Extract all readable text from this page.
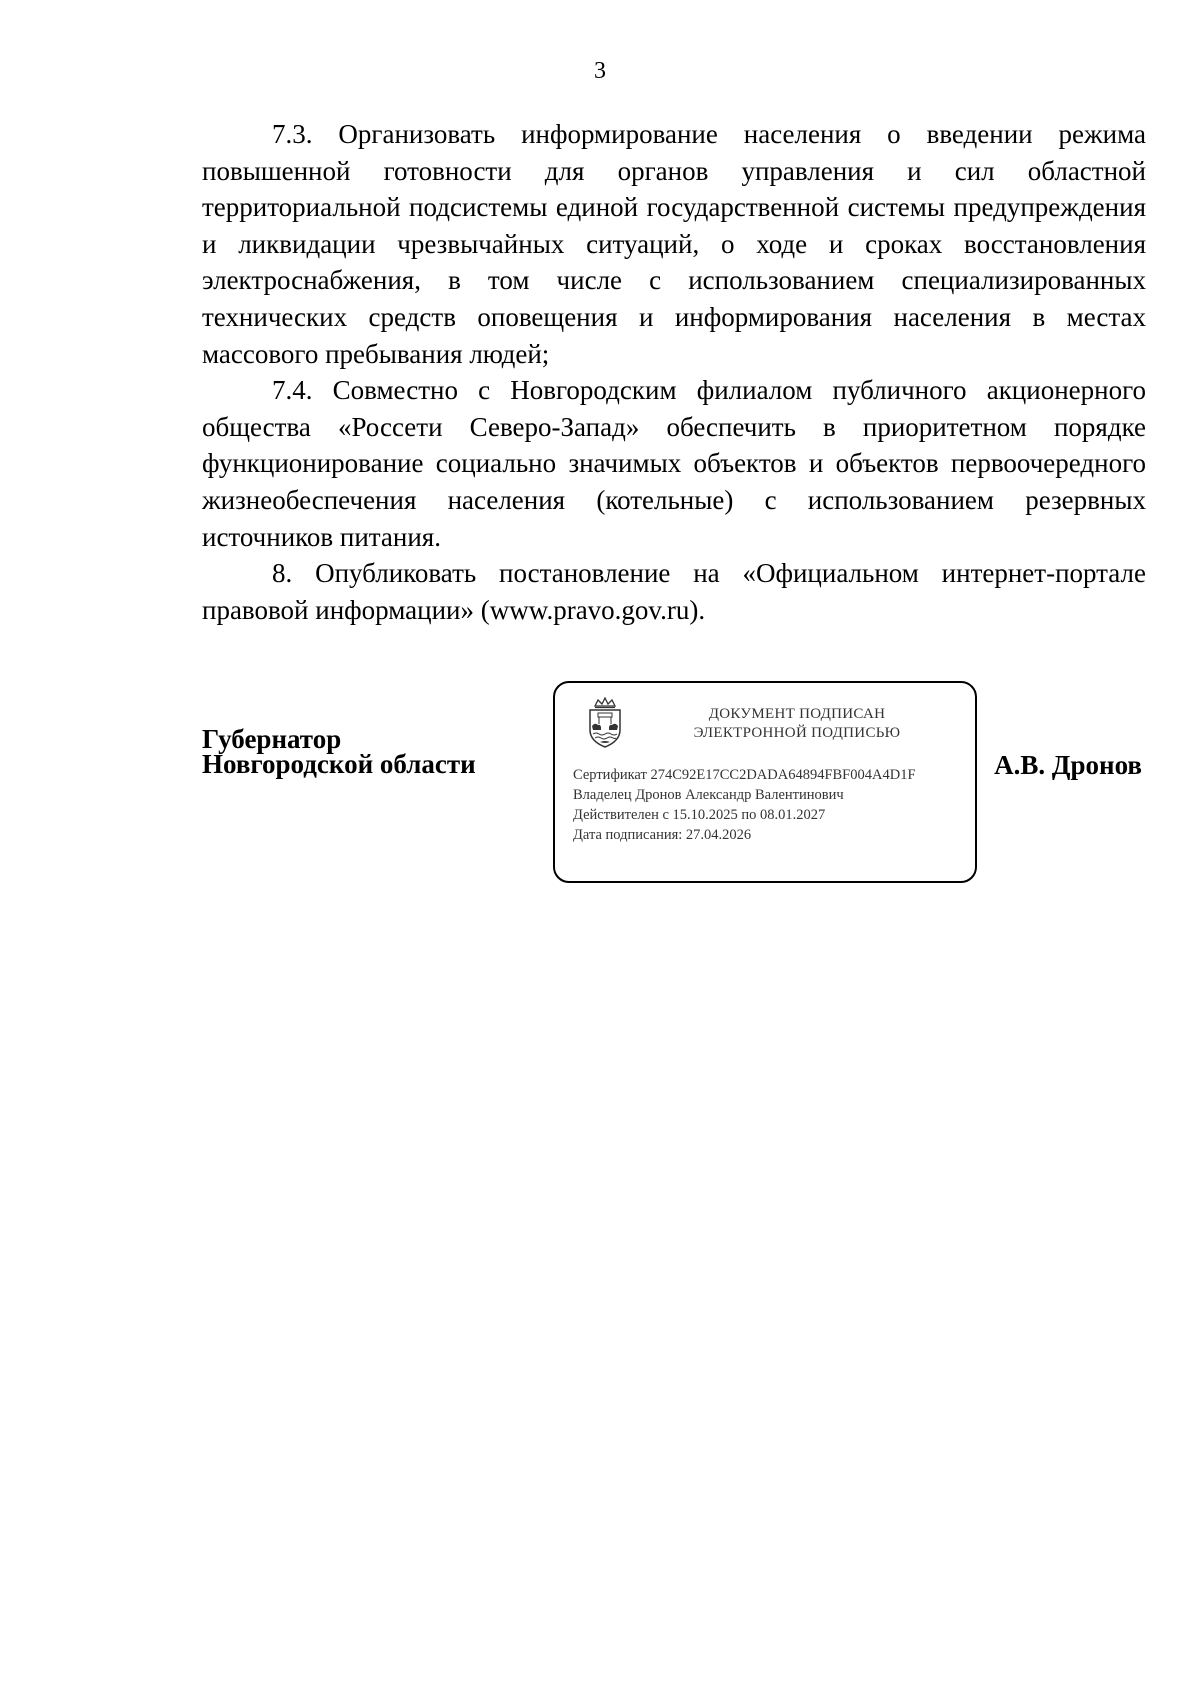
3

7.3. Организовать информирование населения о введении режима повышенной готовности для органов управления и сил областной территориальной подсистемы единой государственной системы предупреждения и ликвидации чрезвычайных ситуаций, о ходе и сроках восстановления электроснабжения, в том числе с использованием специализированных технических средств оповещения и информирования населения в местах массового пребывания людей;

7.4. Совместно с Новгородским филиалом публичного акционерного общества «Россети Северо-Запад» обеспечить в приоритетном порядке функционирование социально значимых объектов и объектов первоочередного жизнеобеспечения населения (котельные) с использованием резервных источников питания.

8. Опубликовать постановление на «Официальном интернет-портале правовой информации» (www.pravo.gov.ru).

Губернатор
Новгородской области
ДОКУМЕНТ ПОДПИСАН
ЭЛЕКТРОННОЙ ПОДПИСЬЮ
Сертификат 274C92E17CC2DADA64894FBF004A4D1F
Владелец Дронов Александр Валентинович
Действителен с 15.10.2025 по 08.01.2027
Дата подписания: 27.04.2026
А.В. Дронов
